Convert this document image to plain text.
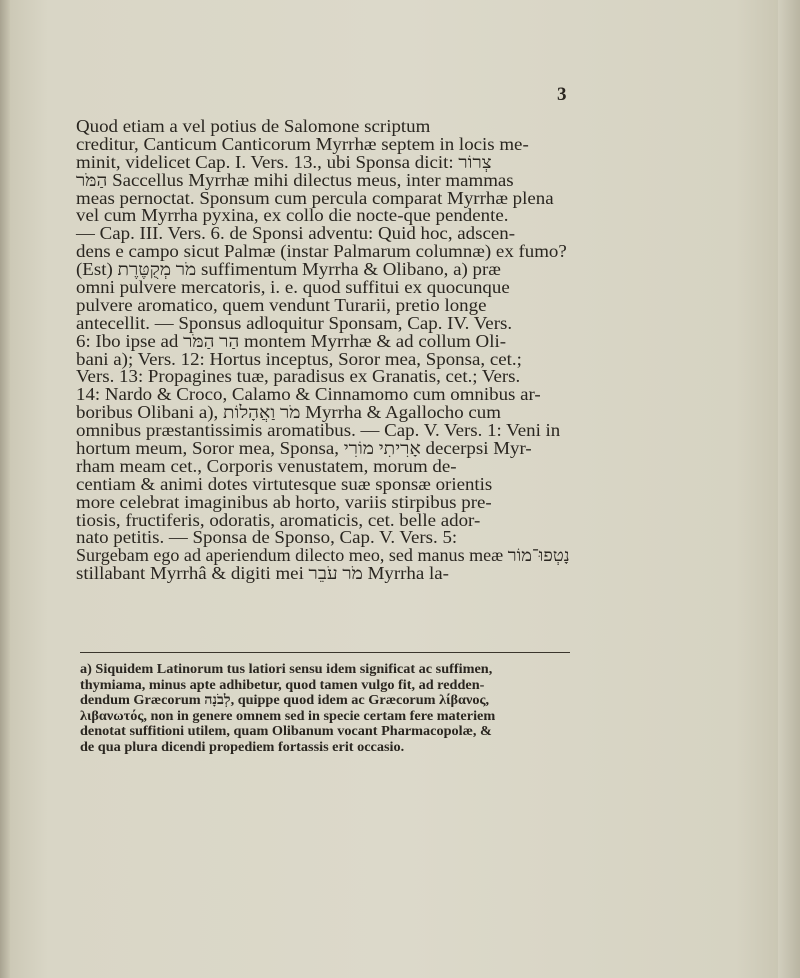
3
Quod etiam a vel potius de Salomone scriptum
creditur, Canticum Canticorum Myrrhæ septem in locis me-
minit, videlicet Cap. I. Vers. 13., ubi Sponsa dicit: צְרוֹר
הַמֹּר Saccellus Myrrhæ mihi dilectus meus, inter mammas
meas pernoctat. Sponsum cum percula comparat Myrrhæ plena
vel cum Myrrha pyxina, ex collo die nocte-que pendente.
— Cap. III. Vers. 6. de Sponsi adventu: Quid hoc, adscen-
dens e campo sicut Palmæ (instar Palmarum columnæ) ex fumo?
(Est) מֹר מְקֻטֶּרֶת suffimentum Myrrha & Olibano, a) præ
omni pulvere mercatoris, i. e. quod suffitui ex quocunque
pulvere aromatico, quem vendunt Turarii, pretio longe
antecellit. — Sponsus adloquitur Sponsam, Cap. IV. Vers.
6: Ibo ipse ad הַר הַמֹּר montem Myrrhæ & ad collum Oli-
bani a); Vers. 12: Hortus inceptus, Soror mea, Sponsa, cet.;
Vers. 13: Propagines tuæ, paradisus ex Granatis, cet.; Vers.
14: Nardo & Croco, Calamo & Cinnamomo cum omnibus ar-
boribus Olibani a), מֹר וַאֲהָלוֹת Myrrha & Agallocho cum
omnibus præstantissimis aromatibus. — Cap. V. Vers. 1: Veni in
hortum meum, Soror mea, Sponsa, אָרִיתִי מוֹרִי decerpsi Myr-
rham meam cet., Corporis venustatem, morum de-
centiam & animi dotes virtutesque suæ sponsæ orientis
more celebrat imaginibus ab horto, variis stirpibus pre-
tiosis, fructiferis, odoratis, aromaticis, cet. belle ador-
nato petitis. — Sponsa de Sponso, Cap. V. Vers. 5:
Surgebam ego ad aperiendum dilecto meo, sed manus meæ נָטְפוּ־מוֹר
stillabant Myrrhâ & digiti mei מֹר עֹבֵר Myrrha la-
a) Siquidem Latinorum tus latiori sensu idem significat ac suffimen,
thymiama, minus apte adhibetur, quod tamen vulgo fit, ad redden-
dendum Græcorum לְבֹנָה, quippe quod idem ac Græcorum λίβανος,
λιβανωτός, non in genere omnem sed in specie certam fere materiem
denotat suffitioni utilem, quam Olibanum vocant Pharmacopolæ, &
de qua plura dicendi propediem fortassis erit occasio.
